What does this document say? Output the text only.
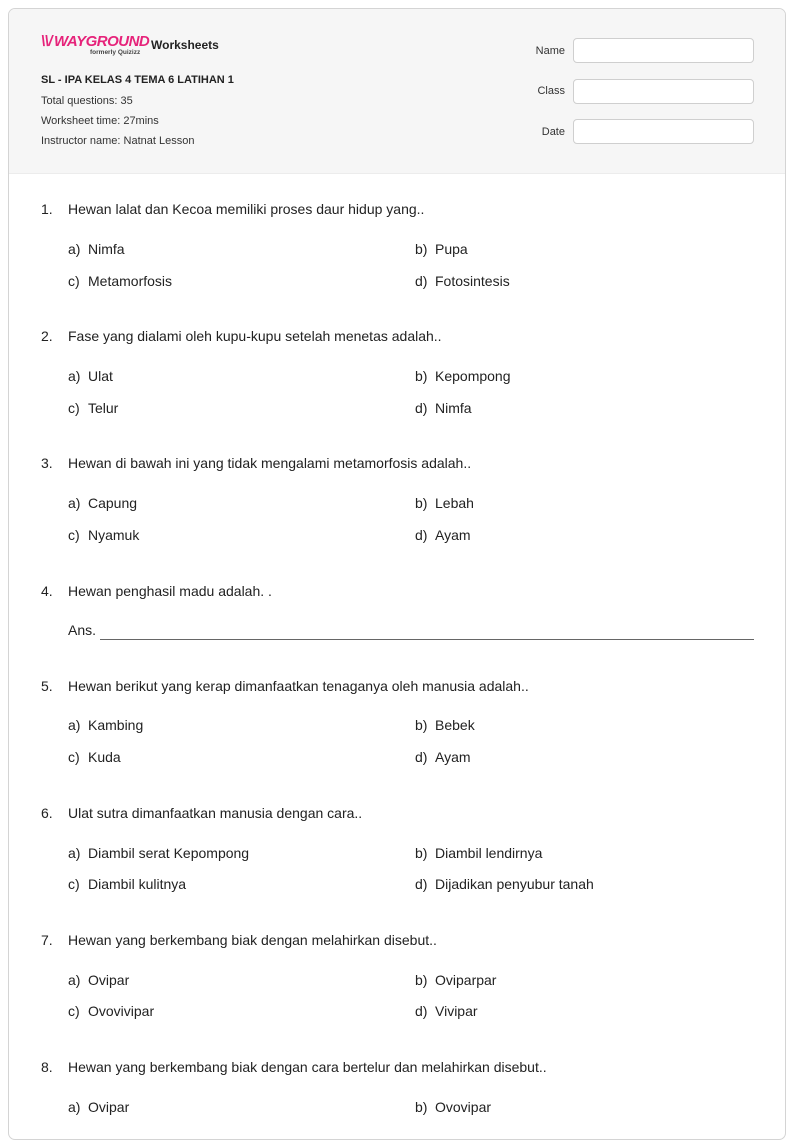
\\/ WAYGROUND
formerly Quizizz
Worksheets
SL - IPA KELAS 4 TEMA 6 LATIHAN 1
Total questions: 35
Worksheet time: 27mins
Instructor name: Natnat Lesson
Name
Class
Date
1. Hewan lalat dan Kecoa memiliki proses daur hidup yang..
a) Nimfa	b) Pupa
c) Metamorfosis	d) Fotosintesis
2. Fase yang dialami oleh kupu-kupu setelah menetas adalah..
a) Ulat	b) Kepompong
c) Telur	d) Nimfa
3. Hewan di bawah ini yang tidak mengalami metamorfosis adalah..
a) Capung	b) Lebah
c) Nyamuk	d) Ayam
4. Hewan penghasil madu adalah. .
Ans.
5. Hewan berikut yang kerap dimanfaatkan tenaganya oleh manusia adalah..
a) Kambing	b) Bebek
c) Kuda	d) Ayam
6. Ulat sutra dimanfaatkan manusia dengan cara..
a) Diambil serat Kepompong	b) Diambil lendirnya
c) Diambil kulitnya	d) Dijadikan penyubur tanah
7. Hewan yang berkembang biak dengan melahirkan disebut..
a) Ovipar	b) Oviparpar
c) Ovovivipar	d) Vivipar
8. Hewan yang berkembang biak dengan cara bertelur dan melahirkan disebut..
a) Ovipar	b) Ovovipar
